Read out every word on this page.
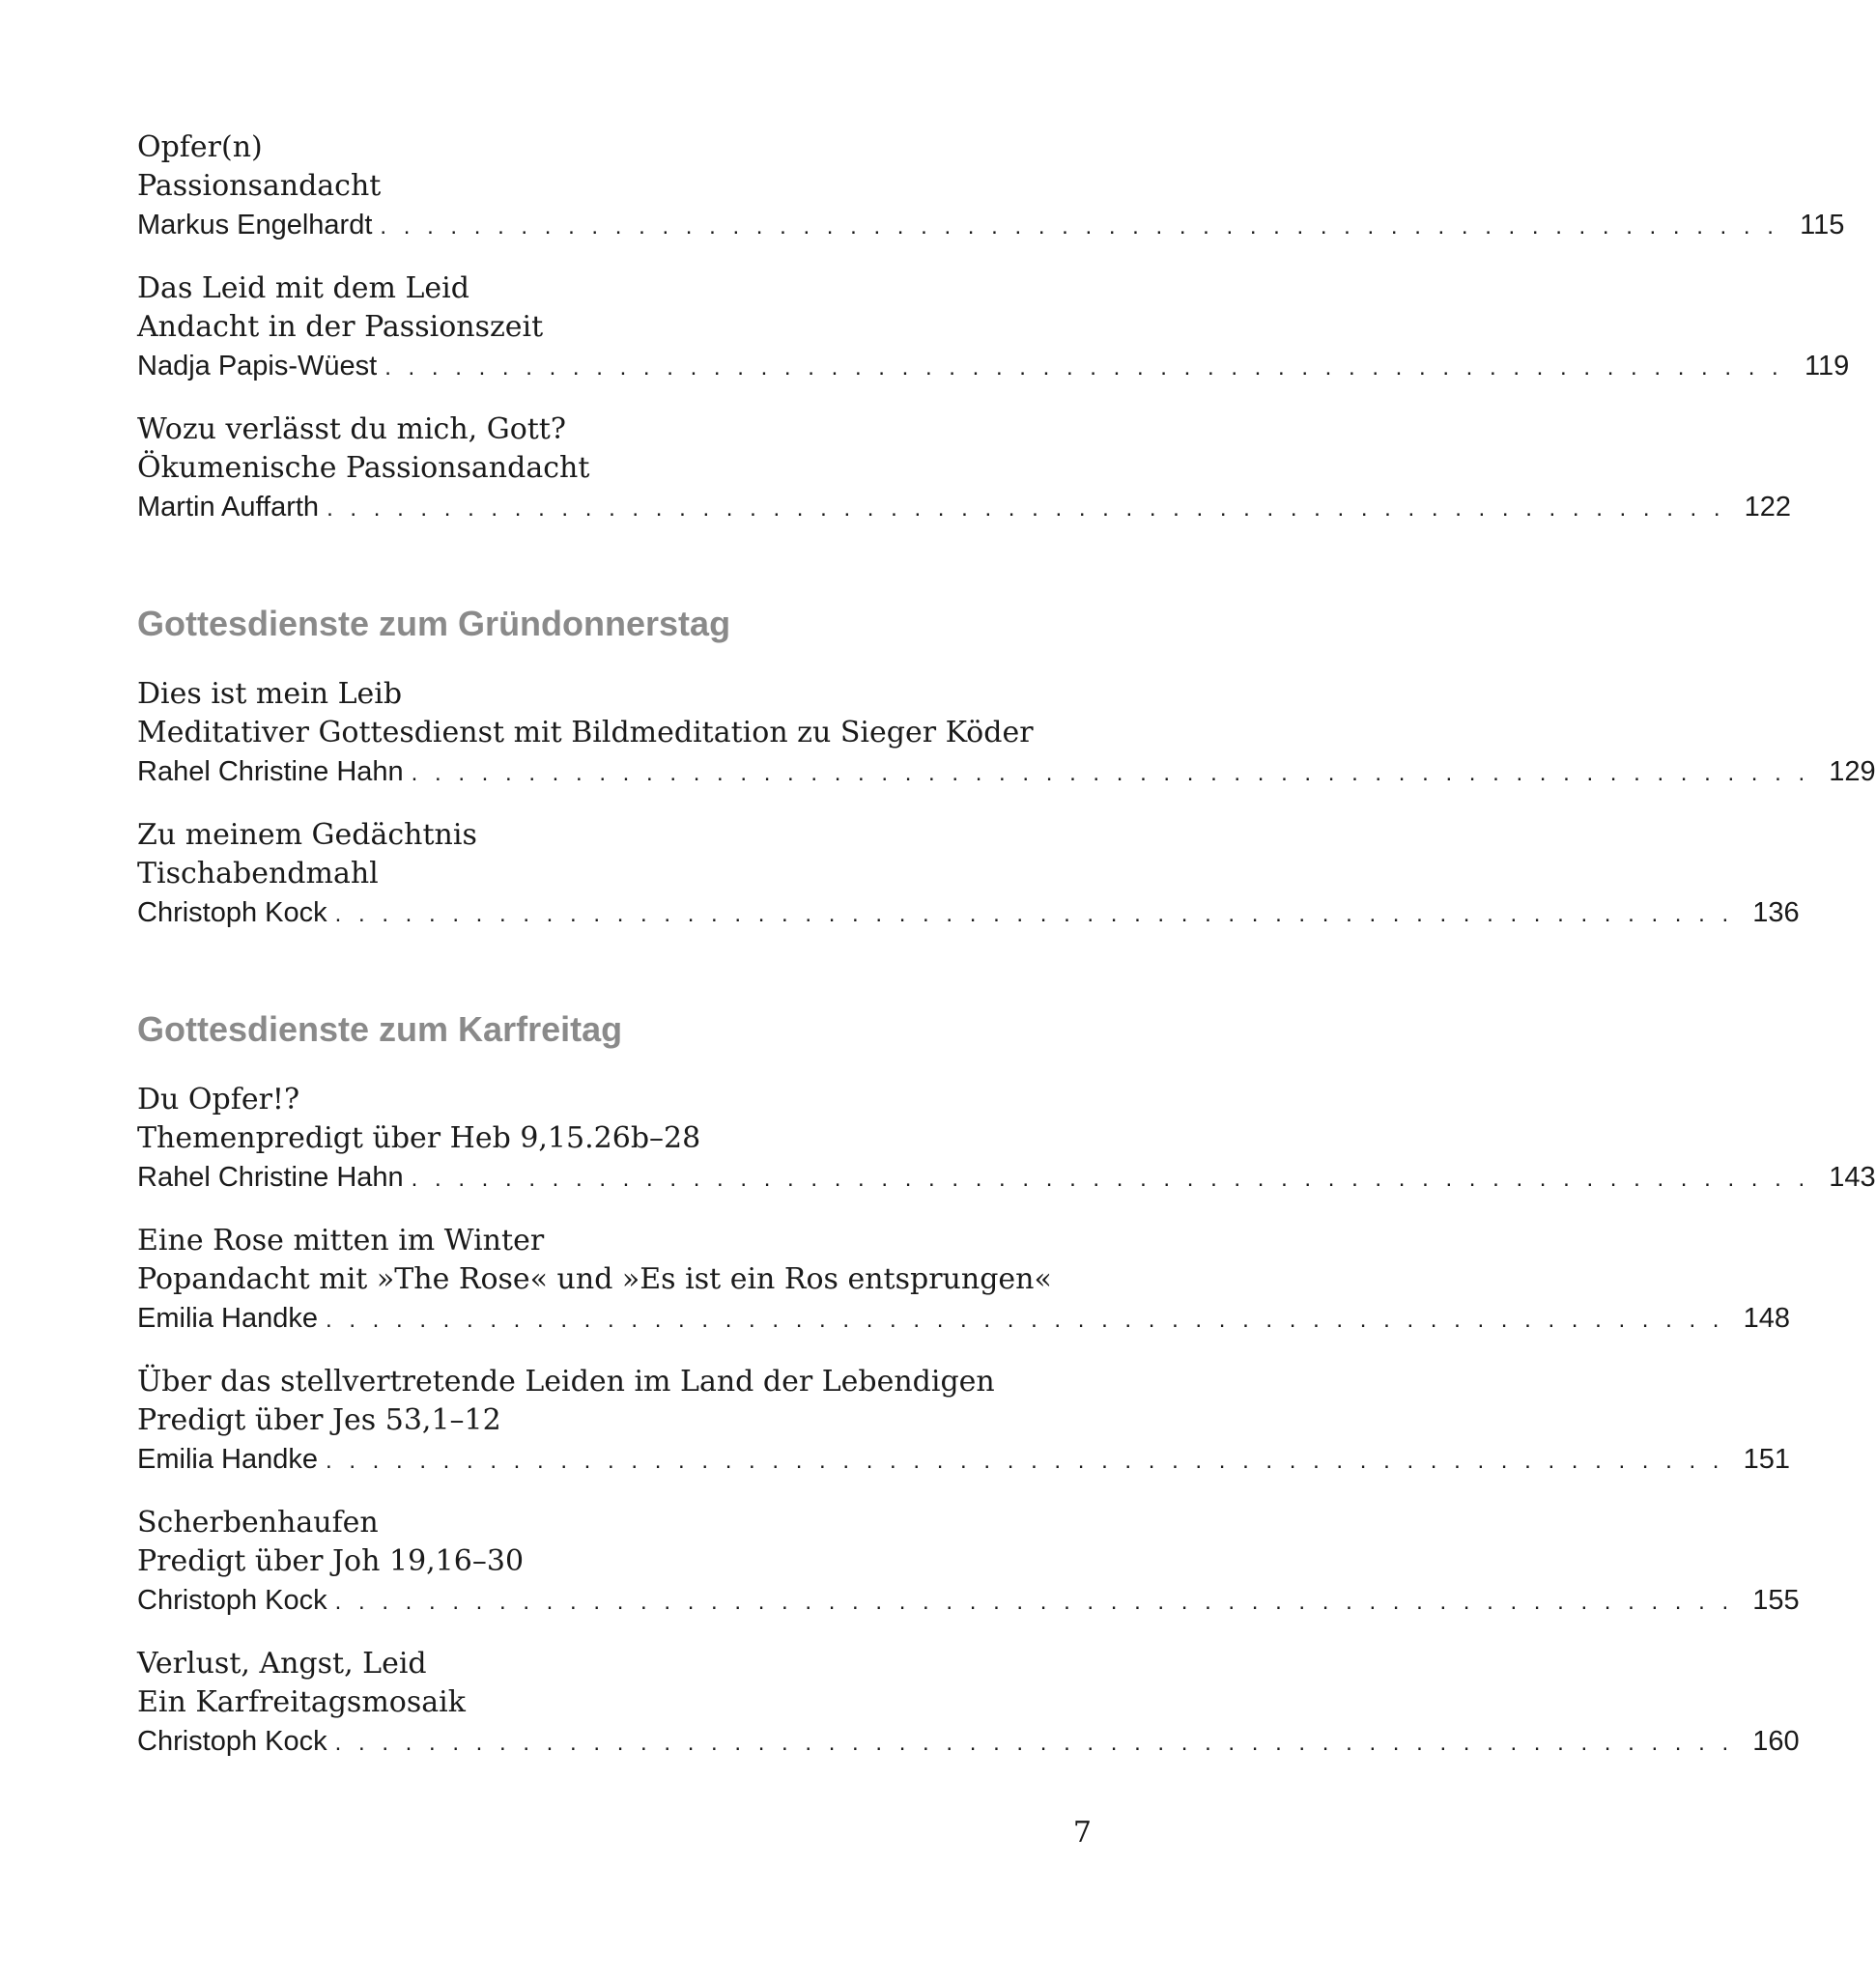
Opfer(n)
Passionsandacht
Markus Engelhardt . . . . . . . . . . . . . . . . . . . . . . . . . . . . . . . . . . . . . . . . . . . . . . . . . . . . . . . . . . . . 115
Das Leid mit dem Leid
Andacht in der Passionszeit
Nadja Papis-Wüest . . . . . . . . . . . . . . . . . . . . . . . . . . . . . . . . . . . . . . . . . . . . . . . . . . . . . . . . . . . . 119
Wozu verlässt du mich, Gott?
Ökumenische Passionsandacht
Martin Auffarth . . . . . . . . . . . . . . . . . . . . . . . . . . . . . . . . . . . . . . . . . . . . . . . . . . . . . . . . . . . . 122
Gottesdienste zum Gründonnerstag
Dies ist mein Leib
Meditativer Gottesdienst mit Bildmeditation zu Sieger Köder
Rahel Christine Hahn . . . . . . . . . . . . . . . . . . . . . . . . . . . . . . . . . . . . . . . . . . . . . . . . . . . . . . . . . . . . 129
Zu meinem Gedächtnis
Tischabendmahl
Christoph Kock . . . . . . . . . . . . . . . . . . . . . . . . . . . . . . . . . . . . . . . . . . . . . . . . . . . . . . . . . . . . 136
Gottesdienste zum Karfreitag
Du Opfer!?
Themenpredigt über Heb 9,15.26b–28
Rahel Christine Hahn . . . . . . . . . . . . . . . . . . . . . . . . . . . . . . . . . . . . . . . . . . . . . . . . . . . . . . . . . . . . 143
Eine Rose mitten im Winter
Popandacht mit »The Rose« und »Es ist ein Ros entsprungen«
Emilia Handke . . . . . . . . . . . . . . . . . . . . . . . . . . . . . . . . . . . . . . . . . . . . . . . . . . . . . . . . . . . . 148
Über das stellvertretende Leiden im Land der Lebendigen
Predigt über Jes 53,1–12
Emilia Handke . . . . . . . . . . . . . . . . . . . . . . . . . . . . . . . . . . . . . . . . . . . . . . . . . . . . . . . . . . . . 151
Scherbenhaufen
Predigt über Joh 19,16–30
Christoph Kock . . . . . . . . . . . . . . . . . . . . . . . . . . . . . . . . . . . . . . . . . . . . . . . . . . . . . . . . . . . . 155
Verlust, Angst, Leid
Ein Karfreitagsmosaik
Christoph Kock . . . . . . . . . . . . . . . . . . . . . . . . . . . . . . . . . . . . . . . . . . . . . . . . . . . . . . . . . . . . 160
7
